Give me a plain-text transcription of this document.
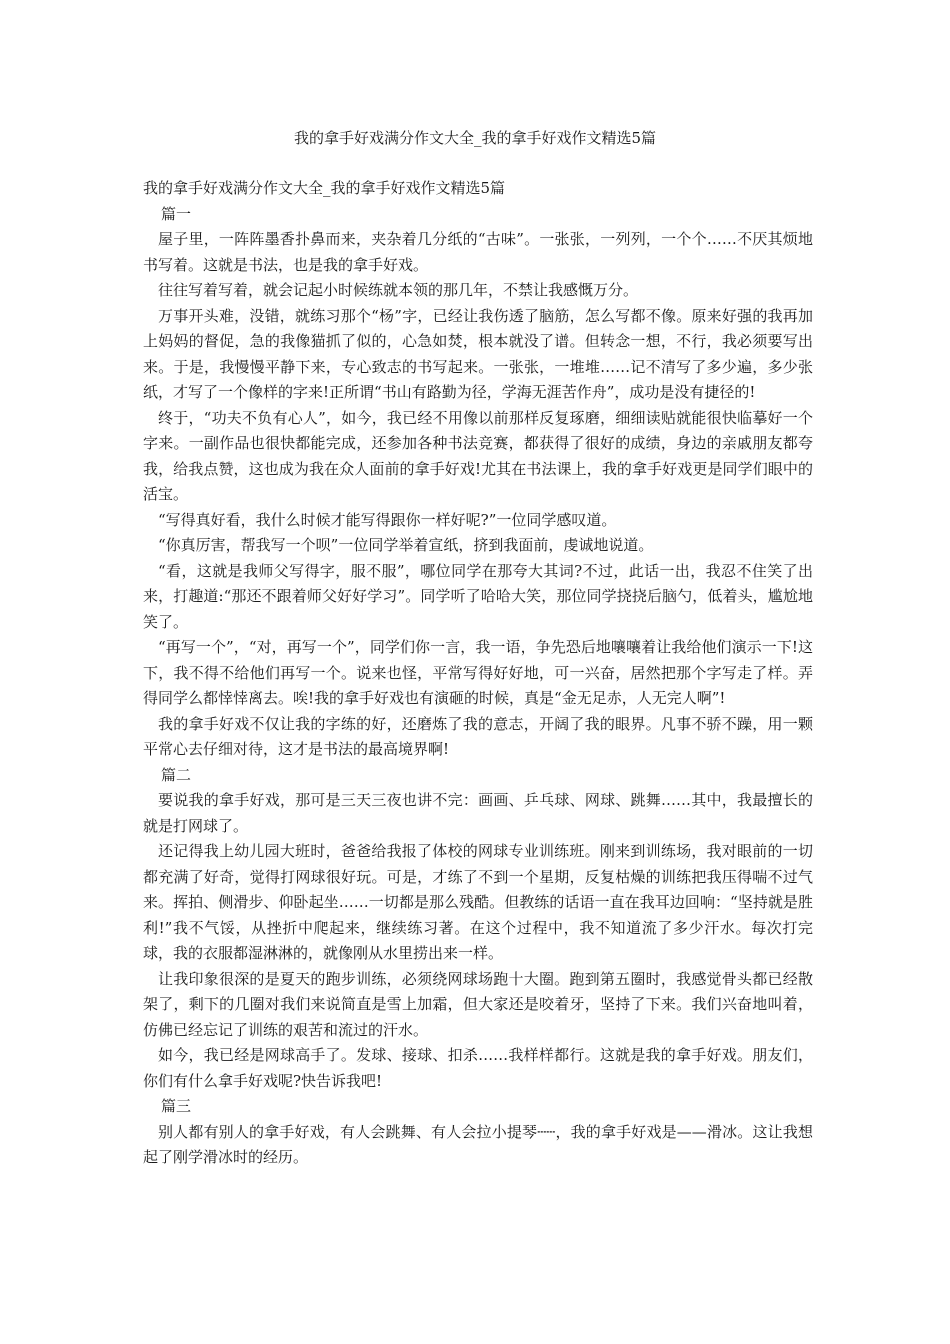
我的拿手好戏满分作文大全_我的拿手好戏作文精选5篇

我的拿手好戏满分作文大全_我的拿手好戏作文精选5篇

篇一

屋子里，一阵阵墨香扑鼻而来，夹杂着几分纸的“古味”。一张张，一列列，一个个……不厌其烦地书写着。这就是书法，也是我的拿手好戏。

往往写着写着，就会记起小时候练就本领的那几年，不禁让我感慨万分。

万事开头难，没错，就练习那个“杨”字，已经让我伤透了脑筋，怎么写都不像。原来好强的我再加上妈妈的督促，急的我像猫抓了似的，心急如焚，根本就没了谱。但转念一想，不行，我必须要写出来。于是，我慢慢平静下来，专心致志的书写起来。一张张，一堆堆……记不清写了多少遍，多少张纸，才写了一个像样的字来!正所谓“书山有路勤为径，学海无涯苦作舟”，成功是没有捷径的!

终于，“功夫不负有心人”，如今，我已经不用像以前那样反复琢磨，细细读贴就能很快临摹好一个字来。一副作品也很快都能完成，还参加各种书法竞赛，都获得了很好的成绩，身边的亲戚朋友都夸我，给我点赞，这也成为我在众人面前的拿手好戏!尤其在书法课上，我的拿手好戏更是同学们眼中的活宝。

“写得真好看，我什么时候才能写得跟你一样好呢?”一位同学感叹道。

“你真厉害，帮我写一个呗”一位同学举着宣纸，挤到我面前，虔诚地说道。

“看，这就是我师父写得字，服不服”，哪位同学在那夸大其词?不过，此话一出，我忍不住笑了出来，打趣道:“那还不跟着师父好好学习”。同学听了哈哈大笑，那位同学挠挠后脑勺，低着头，尴尬地笑了。

“再写一个”，“对，再写一个”，同学们你一言，我一语，争先恐后地嚷嚷着让我给他们演示一下!这下，我不得不给他们再写一个。说来也怪，平常写得好好地，可一兴奋，居然把那个字写走了样。弄得同学么都悻悻离去。唉!我的拿手好戏也有演砸的时候，真是“金无足赤，人无完人啊”!

我的拿手好戏不仅让我的字练的好，还磨炼了我的意志，开阔了我的眼界。凡事不骄不躁，用一颗平常心去仔细对待，这才是书法的最高境界啊!

篇二

要说我的拿手好戏，那可是三天三夜也讲不完：画画、乒乓球、网球、跳舞……其中，我最擅长的就是打网球了。

还记得我上幼儿园大班时，爸爸给我报了体校的网球专业训练班。刚来到训练场，我对眼前的一切都充满了好奇，觉得打网球很好玩。可是，才练了不到一个星期，反复枯燥的训练把我压得喘不过气来。挥拍、侧滑步、仰卧起坐……一切都是那么残酷。但教练的话语一直在我耳边回响：“坚持就是胜利!”我不气馁，从挫折中爬起来，继续练习著。在这个过程中，我不知道流了多少汗水。每次打完球，我的衣服都湿淋淋的，就像刚从水里捞出来一样。

让我印象很深的是夏天的跑步训练，必须绕网球场跑十大圈。跑到第五圈时，我感觉骨头都已经散架了，剩下的几圈对我们来说简直是雪上加霜，但大家还是咬着牙，坚持了下来。我们兴奋地叫着，仿佛已经忘记了训练的艰苦和流过的汗水。

如今，我已经是网球高手了。发球、接球、扣杀……我样样都行。这就是我的拿手好戏。朋友们，你们有什么拿手好戏呢?快告诉我吧!

篇三

别人都有别人的拿手好戏，有人会跳舞、有人会拉小提琴┄┄，我的拿手好戏是——滑冰。这让我想起了刚学滑冰时的经历。
